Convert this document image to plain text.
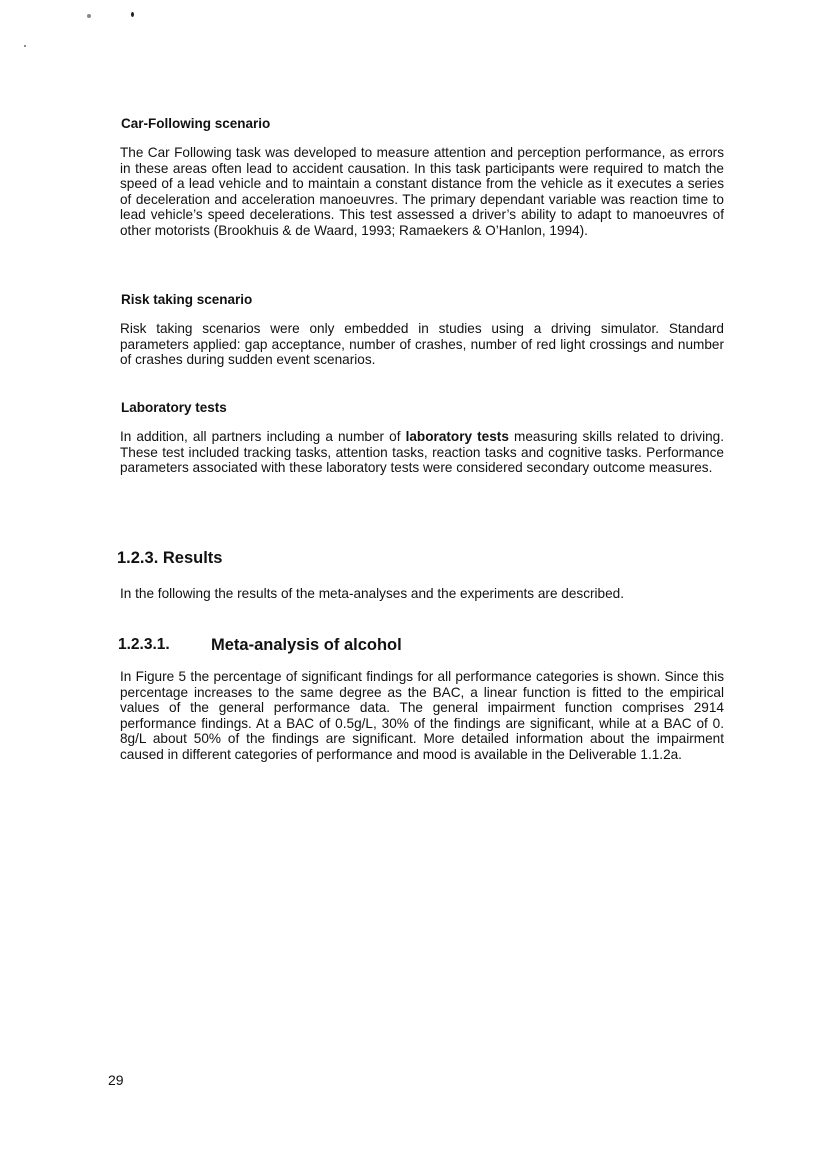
Car-Following scenario

The Car Following task was developed to measure attention and perception performance, as errors in these areas often lead to accident causation. In this task participants were required to match the speed of a lead vehicle and to maintain a constant distance from the vehicle as it executes a series of deceleration and acceleration manoeuvres. The primary dependant variable was reaction time to lead vehicle’s speed decelerations. This test assessed a driver’s ability to adapt to manoeuvres of other motorists (Brookhuis & de Waard, 1993; Ramaekers & O’Hanlon, 1994).

Risk taking scenario

Risk taking scenarios were only embedded in studies using a driving simulator. Standard parameters applied: gap acceptance, number of crashes, number of red light crossings and number of crashes during sudden event scenarios.

Laboratory tests

In addition, all partners including a number of laboratory tests measuring skills related to driving. These test included tracking tasks, attention tasks, reaction tasks and cognitive tasks. Performance parameters associated with these laboratory tests were considered secondary outcome measures.

1.2.3. Results

In the following the results of the meta-analyses and the experiments are described.

1.2.3.1.	Meta-analysis of alcohol

In Figure 5 the percentage of significant findings for all performance categories is shown. Since this percentage increases to the same degree as the BAC, a linear function is fitted to the empirical values of the general performance data. The general impairment function comprises 2914 performance findings. At a BAC of 0.5g/L, 30% of the findings are significant, while at a BAC of 0. 8g/L about 50% of the findings are significant. More detailed information about the impairment caused in different categories of performance and mood is available in the Deliverable 1.1.2a.

29
